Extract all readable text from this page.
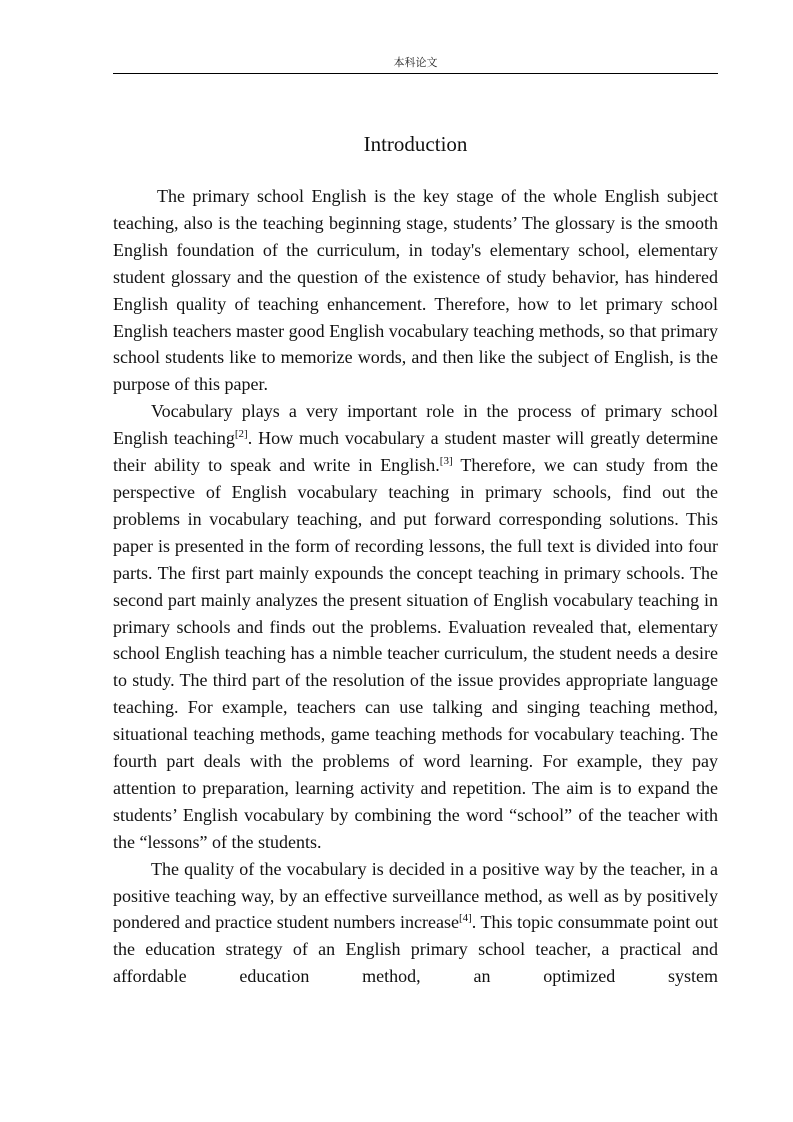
本科论文
Introduction

The primary school English is the key stage of the whole English subject teaching, also is the teaching beginning stage, students’ The glossary is the smooth English foundation of the curriculum, in today's elementary school, elementary student glossary and the question of the existence of study behavior, has hindered English quality of teaching enhancement. Therefore, how to let primary school English teachers master good English vocabulary teaching methods, so that primary school students like to memorize words, and then like the subject of English, is the purpose of this paper.

Vocabulary plays a very important role in the process of primary school English teaching[2]. How much vocabulary a student master will greatly determine their ability to speak and write in English.[3] Therefore, we can study from the perspective of English vocabulary teaching in primary schools, find out the problems in vocabulary teaching, and put forward corresponding solutions. This paper is presented in the form of recording lessons, the full text is divided into four parts. The first part mainly expounds the concept teaching in primary schools. The second part mainly analyzes the present situation of English vocabulary teaching in primary schools and finds out the problems. Evaluation revealed that, elementary school English teaching has a nimble teacher curriculum, the student needs a desire to study. The third part of the resolution of the issue provides appropriate language teaching. For example, teachers can use talking and singing teaching method, situational teaching methods, game teaching methods for vocabulary teaching. The fourth part deals with the problems of word learning. For example, they pay attention to preparation, learning activity and repetition. The aim is to expand the students’ English vocabulary by combining the word “school” of the teacher with the “lessons” of the students.

The quality of the vocabulary is decided in a positive way by the teacher, in a positive teaching way, by an effective surveillance method, as well as by positively pondered and practice student numbers increase[4]. This topic consummate point out the education strategy of an English primary school teacher, a practical and affordable education method, an optimized system
